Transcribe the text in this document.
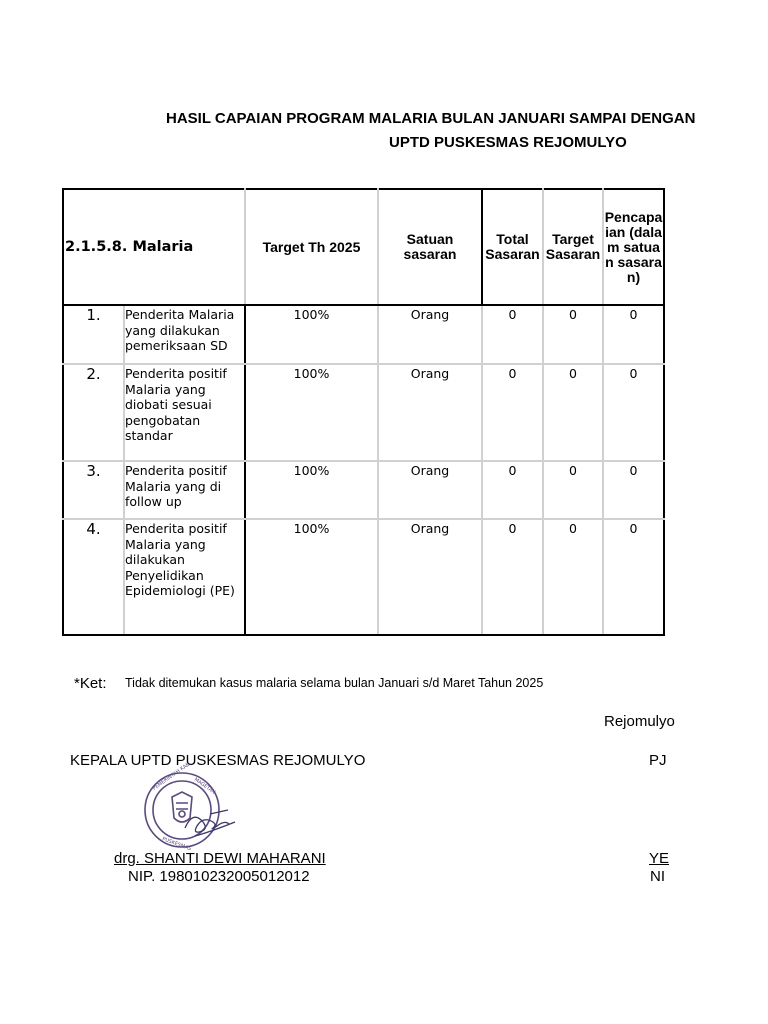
HASIL CAPAIAN PROGRAM MALARIA BULAN JANUARI SAMPAI DENGAN
UPTD PUSKESMAS REJOMULYO
2.1.5.8. Malaria		Target Th 2025	Satuan sasaran	Total Sasaran	Target Sasaran	Pencapaian (dalam satuan sasaran)
1.	Penderita Malaria yang dilakukan pemeriksaan SD	100%	Orang	0	0	0
2.	Penderita positif Malaria yang diobati sesuai pengobatan standar	100%	Orang	0	0	0
3.	Penderita positif Malaria yang di follow up	100%	Orang	0	0	0
4.	Penderita positif Malaria yang dilakukan Penyelidikan Epidemiologi (PE)	100%	Orang	0	0	0
*Ket: Tidak ditemukan kasus malaria selama bulan Januari s/d Maret Tahun 2025
Rejomulyo
KEPALA UPTD PUSKESMAS REJOMULYO	PJ
PEMERINTAH KAB. MAGETAN
PUSKESMAS
drg. SHANTI DEWI MAHARANI
NIP. 198010232005012012
YE
NI
